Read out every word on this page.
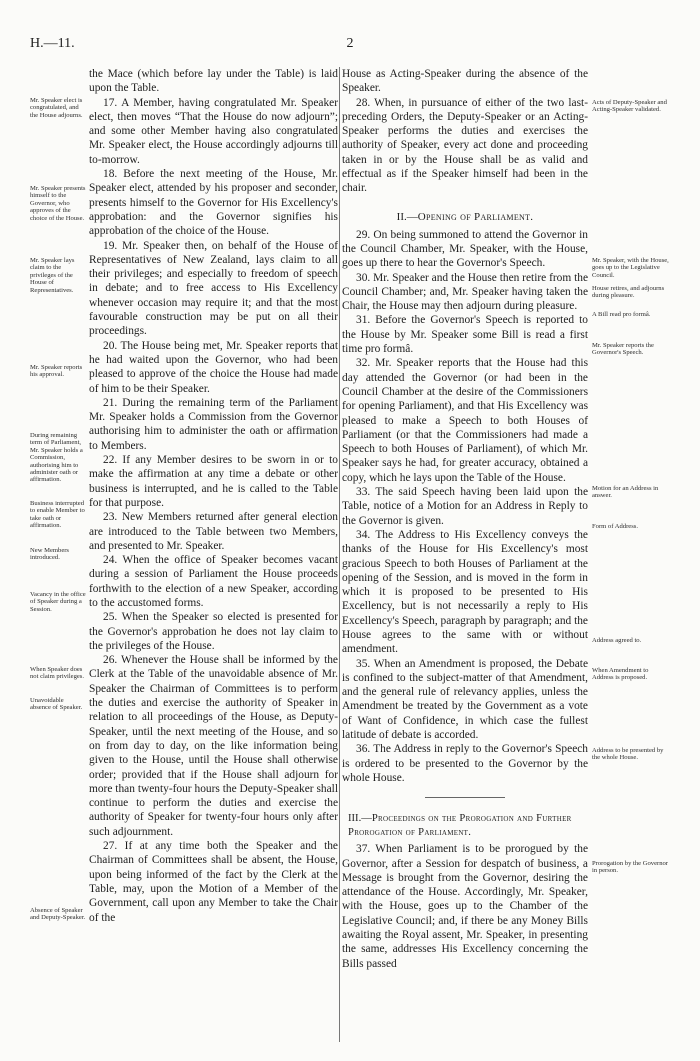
H.—11.	2
Mr. Speaker elect is congratulated, and the House adjourns.
Mr. Speaker presents himself to the Governor, who approves of the choice of the House.
Mr. Speaker lays claim to the privileges of the House of Representatives.
Mr. Speaker reports his approval.
During remaining term of Parliament, Mr. Speaker holds a Commission, authorising him to administer oath or affirmation.
Business interrupted to enable Member to take oath or affirmation.
New Members introduced.
Vacancy in the office of Speaker during a Session.
When Speaker does not claim privileges.
Unavoidable absence of Speaker.
Absence of Speaker and Deputy-Speaker.

the Mace (which before lay under the Table) is laid upon the Table.

17. A Member, having congratulated Mr. Speaker elect, then moves “That the House do now adjourn”; and some other Member having also congratulated Mr. Speaker elect, the House accordingly adjourns till to-morrow.

18. Before the next meeting of the House, Mr. Speaker elect, attended by his proposer and seconder, presents himself to the Governor for His Excellency's approbation: and the Governor signifies his approbation of the choice of the House.

19. Mr. Speaker then, on behalf of the House of Representatives of New Zealand, lays claim to all their privileges; and especially to freedom of speech in debate; and to free access to His Excellency whenever occasion may require it; and that the most favourable construction may be put on all their proceedings.

20. The House being met, Mr. Speaker reports that he had waited upon the Governor, who had been pleased to approve of the choice the House had made of him to be their Speaker.

21. During the remaining term of the Parliament Mr. Speaker holds a Commission from the Governor authorising him to administer the oath or affirmation to Members.

22. If any Member desires to be sworn in or to make the affirmation at any time a debate or other business is interrupted, and he is called to the Table for that purpose.

23. New Members returned after general election are introduced to the Table between two Members, and presented to Mr. Speaker.

24. When the office of Speaker becomes vacant during a session of Parliament the House proceeds forthwith to the election of a new Speaker, according to the accustomed forms.

25. When the Speaker so elected is presented for the Governor's approbation he does not lay claim to the privileges of the House.

26. Whenever the House shall be informed by the Clerk at the Table of the unavoidable absence of Mr. Speaker the Chairman of Committees is to perform the duties and exercise the authority of Speaker in relation to all proceedings of the House, as Deputy-Speaker, until the next meeting of the House, and so on from day to day, on the like information being given to the House, until the House shall otherwise order; provided that if the House shall adjourn for more than twenty-four hours the Deputy-Speaker shall continue to perform the duties and exercise the authority of Speaker for twenty-four hours only after such adjournment.

27. If at any time both the Speaker and the Chairman of Committees shall be absent, the House, upon being informed of the fact by the Clerk at the Table, may, upon the Motion of a Member of the Government, call upon any Member to take the Chair of the

Acts of Deputy-Speaker and Acting-Speaker validated.
Mr. Speaker, with the House, goes up to the Legislative Council.
House retires, and adjourns during pleasure.
A Bill read pro formâ.
Mr. Speaker reports the Governor's Speech.
Motion for an Address in answer.
Form of Address.
Address agreed to.
When Amendment to Address is proposed.
Address to be presented by the whole House.
Prorogation by the Governor in person.

House as Acting-Speaker during the absence of the Speaker.

28. When, in pursuance of either of the two last-preceding Orders, the Deputy-Speaker or an Acting-Speaker performs the duties and exercises the authority of Speaker, every act done and proceeding taken in or by the House shall be as valid and effectual as if the Speaker himself had been in the chair.

II.—Opening of Parliament.

29. On being summoned to attend the Governor in the Council Chamber, Mr. Speaker, with the House, goes up there to hear the Governor's Speech.

30. Mr. Speaker and the House then retire from the Council Chamber; and, Mr. Speaker having taken the Chair, the House may then adjourn during pleasure.

31. Before the Governor's Speech is reported to the House by Mr. Speaker some Bill is read a first time pro formâ.

32. Mr. Speaker reports that the House had this day attended the Governor (or had been in the Council Chamber at the desire of the Commissioners for opening Parliament), and that His Excellency was pleased to make a Speech to both Houses of Parliament (or that the Commissioners had made a Speech to both Houses of Parliament), of which Mr. Speaker says he had, for greater accuracy, obtained a copy, which he lays upon the Table of the House.

33. The said Speech having been laid upon the Table, notice of a Motion for an Address in Reply to the Governor is given.

34. The Address to His Excellency conveys the thanks of the House for His Excellency's most gracious Speech to both Houses of Parliament at the opening of the Session, and is moved in the form in which it is proposed to be presented to His Excellency, but is not necessarily a reply to His Excellency's Speech, paragraph by paragraph; and the House agrees to the same with or without amendment.

35. When an Amendment is proposed, the Debate is confined to the subject-matter of that Amendment, and the general rule of relevancy applies, unless the Amendment be treated by the Government as a vote of Want of Confidence, in which case the fullest latitude of debate is accorded.

36. The Address in reply to the Governor's Speech is ordered to be presented to the Governor by the whole House.

III.—Proceedings on the Prorogation and Further Prorogation of Parliament.

37. When Parliament is to be prorogued by the Governor, after a Session for despatch of business, a Message is brought from the Governor, desiring the attendance of the House. Accordingly, Mr. Speaker, with the House, goes up to the Chamber of the Legislative Council; and, if there be any Money Bills awaiting the Royal assent, Mr. Speaker, in presenting the same, addresses His Excellency concerning the Bills passed
